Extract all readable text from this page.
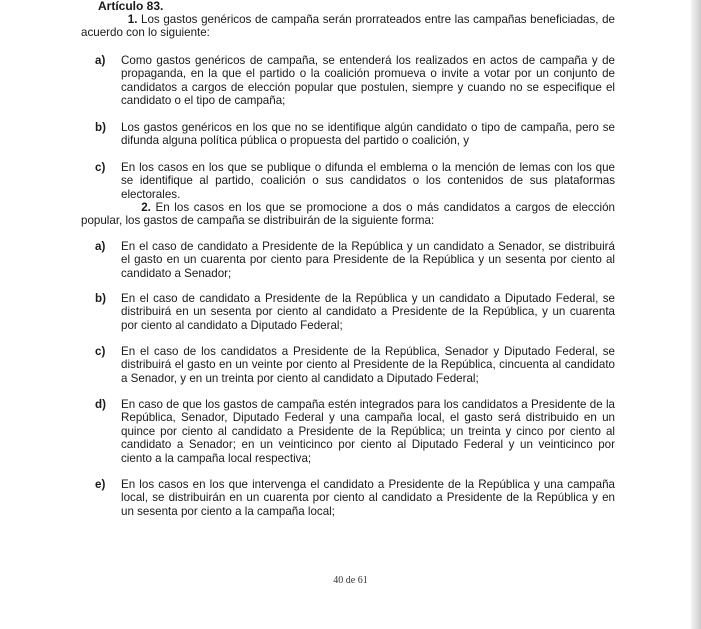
Artículo 83.
1. Los gastos genéricos de campaña serán prorrateados entre las campañas beneficiadas, de acuerdo con lo siguiente:
a) Como gastos genéricos de campaña, se entenderá los realizados en actos de campaña y de propaganda, en la que el partido o la coalición promueva o invite a votar por un conjunto de candidatos a cargos de elección popular que postulen, siempre y cuando no se especifique el candidato o el tipo de campaña;
b) Los gastos genéricos en los que no se identifique algún candidato o tipo de campaña, pero se difunda alguna política pública o propuesta del partido o coalición, y
c) En los casos en los que se publique o difunda el emblema o la mención de lemas con los que se identifique al partido, coalición o sus candidatos o los contenidos de sus plataformas electorales.
2. En los casos en los que se promocione a dos o más candidatos a cargos de elección popular, los gastos de campaña se distribuirán de la siguiente forma:
a) En el caso de candidato a Presidente de la República y un candidato a Senador, se distribuirá el gasto en un cuarenta por ciento para Presidente de la República y un sesenta por ciento al candidato a Senador;
b) En el caso de candidato a Presidente de la República y un candidato a Diputado Federal, se distribuirá en un sesenta por ciento al candidato a Presidente de la República, y un cuarenta por ciento al candidato a Diputado Federal;
c) En el caso de los candidatos a Presidente de la República, Senador y Diputado Federal, se distribuirá el gasto en un veinte por ciento al Presidente de la República, cincuenta al candidato a Senador, y en un treinta por ciento al candidato a Diputado Federal;
d) En caso de que los gastos de campaña estén integrados para los candidatos a Presidente de la República, Senador, Diputado Federal y una campaña local, el gasto será distribuido en un quince por ciento al candidato a Presidente de la República; un treinta y cinco por ciento al candidato a Senador; en un veinticinco por ciento al Diputado Federal y un veinticinco por ciento a la campaña local respectiva;
e) En los casos en los que intervenga el candidato a Presidente de la República y una campaña local, se distribuirán en un cuarenta por ciento al candidato a Presidente de la República y en un sesenta por ciento a la campaña local;
40 de 61
